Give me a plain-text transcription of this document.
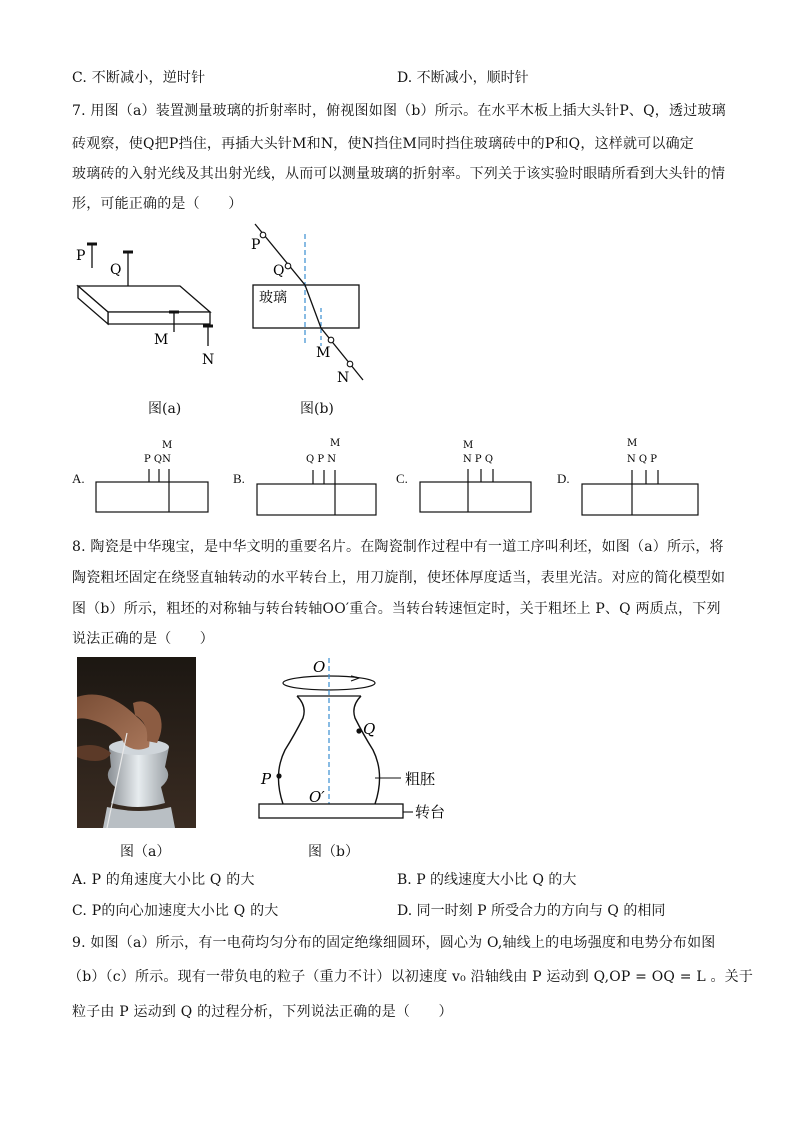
C. 不断减小，逆时针	D. 不断减小，顺时针
7. 用图（a）装置测量玻璃的折射率时，俯视图如图（b）所示。在水平木板上插大头针P、Q，透过玻璃
砖观察，使Q把P挡住，再插大头针M和N，使N挡住M同时挡住玻璃砖中的P和Q，这样就可以确定
玻璃砖的入射光线及其出射光线，从而可以测量玻璃的折射率。下列关于该实验时眼睛所看到大头针的情
形，可能正确的是（　　）
P
Q
M
N
图(a)
P
Q
玻璃
M
N
图(b)
A.
M
P QN
B.
M
Q P N
C.
M
N P Q
D.
M
N Q P
8. 陶瓷是中华瑰宝，是中华文明的重要名片。在陶瓷制作过程中有一道工序叫利坯，如图（a）所示，将
陶瓷粗坯固定在绕竖直轴转动的水平转台上，用刀旋削，使坯体厚度适当，表里光洁。对应的简化模型如
图（b）所示，粗坯的对称轴与转台转轴OO′重合。当转台转速恒定时，关于粗坯上 P、Q 两质点，下列
说法正确的是（　　）
图（a）
O
O′
P
Q
粗胚
转台
图（b）
A. P 的角速度大小比 Q 的大	B. P 的线速度大小比 Q 的大
C. P的向心加速度大小比 Q 的大	D. 同一时刻 P 所受合力的方向与 Q 的相同
9. 如图（a）所示，有一电荷均匀分布的固定绝缘细圆环，圆心为 O,轴线上的电场强度和电势分布如图
（b）（c）所示。现有一带负电的粒子（重力不计）以初速度 v₀ 沿轴线由 P 运动到 Q,OP = OQ = L 。关于
粒子由 P 运动到 Q 的过程分析，下列说法正确的是（　　）
